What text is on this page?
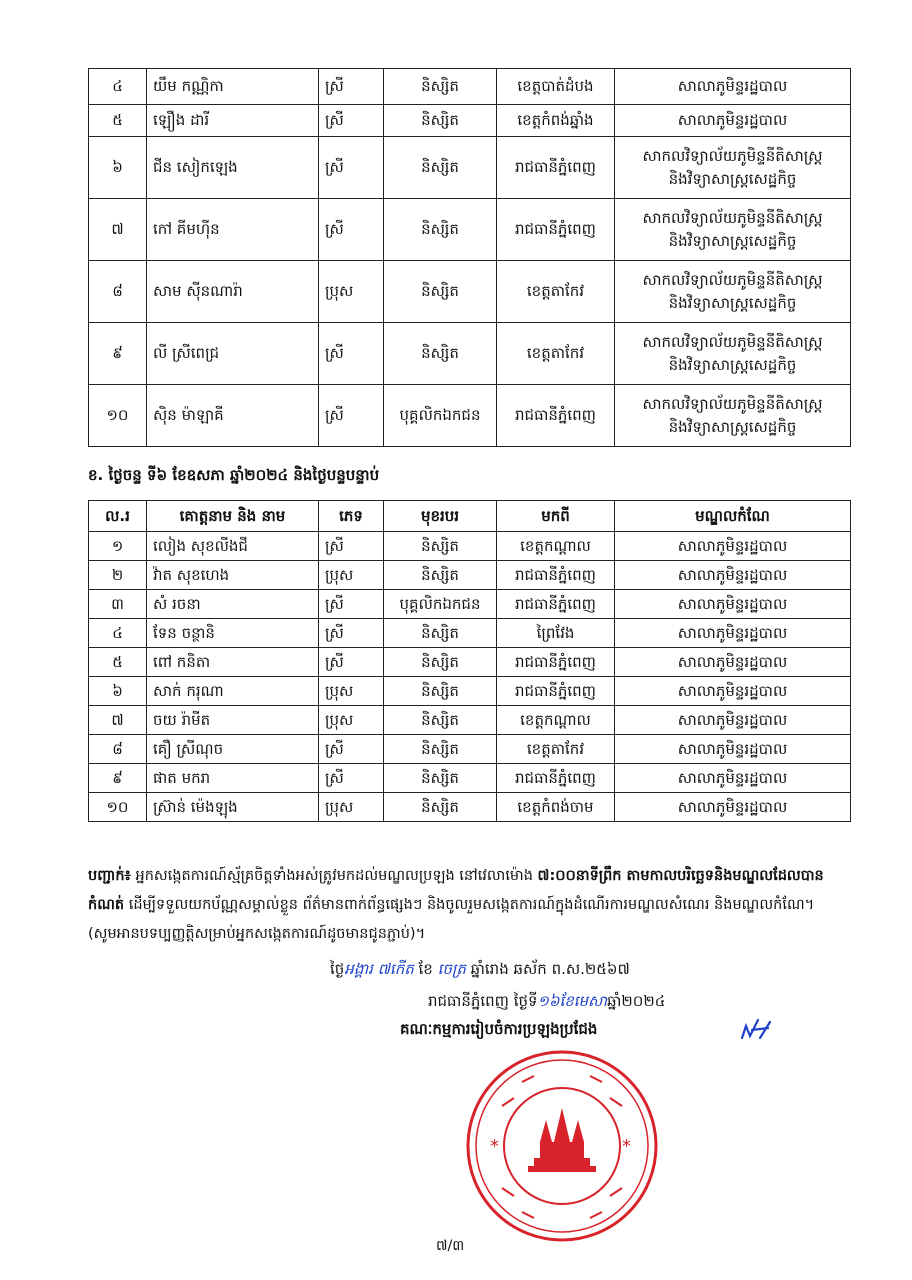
៤	យឹម កណ្ណិកា	ស្រី	និស្សិត	ខេត្តបាត់ដំបង	សាលាភូមិន្ទរដ្ឋបាល

៥	ឡឿង ដារី	ស្រី	និស្សិត	ខេត្តកំពង់ឆ្នាំង	សាលាភូមិន្ទរដ្ឋបាល

៦	ជីន សៀកឡេង	ស្រី	និស្សិត	រាជធានីភ្នំពេញ	សាកលវិទ្យាល័យភូមិន្ទនីតិសាស្ត្រ
និងវិទ្យាសាស្ត្រសេដ្ឋកិច្ច

៧	កៅ គីមហ៊ីន	ស្រី	និស្សិត	រាជធានីភ្នំពេញ	សាកលវិទ្យាល័យភូមិន្ទនីតិសាស្ត្រ
និងវិទ្យាសាស្ត្រសេដ្ឋកិច្ច

៨	សាម ស៊ីនណារ៉ា	ប្រុស	និស្សិត	ខេត្តតាកែវ	សាកលវិទ្យាល័យភូមិន្ទនីតិសាស្ត្រ
និងវិទ្យាសាស្ត្រសេដ្ឋកិច្ច

៩	លី ស្រីពេជ្រ	ស្រី	និស្សិត	ខេត្តតាកែវ	សាកលវិទ្យាល័យភូមិន្ទនីតិសាស្ត្រ
និងវិទ្យាសាស្ត្រសេដ្ឋកិច្ច

១០	ស៊ិន ម៉ាឡាគី	ស្រី	បុគ្គលិកឯកជន	រាជធានីភ្នំពេញ	សាកលវិទ្យាល័យភូមិន្ទនីតិសាស្ត្រ
និងវិទ្យាសាស្ត្រសេដ្ឋកិច្ច
ខ. ថ្ងៃចន្ទ ទី៦ ខែឧសភា ឆ្នាំ២០២៤ និងថ្ងៃបន្ទបន្ទាប់
ល.រ	គោត្តនាម និង នាម	ភេទ	មុខរបរ	មកពី	មណ្ឌលកំណែ
១	លៀង សុខលីងជី	ស្រី	និស្សិត	ខេត្តកណ្ដាល	សាលាភូមិន្ទរដ្ឋបាល
២	វ៉ាត សុខហេង	ប្រុស	និស្សិត	រាជធានីភ្នំពេញ	សាលាភូមិន្ទរដ្ឋបាល
៣	សំ រចនា	ស្រី	បុគ្គលិកឯកជន	រាជធានីភ្នំពេញ	សាលាភូមិន្ទរដ្ឋបាល
៤	ទែន ចន្ថានិ	ស្រី	និស្សិត	ព្រៃវែង	សាលាភូមិន្ទរដ្ឋបាល
៥	ពៅ កនិតា	ស្រី	និស្សិត	រាជធានីភ្នំពេញ	សាលាភូមិន្ទរដ្ឋបាល
៦	សាក់ ករុណា	ប្រុស	និស្សិត	រាជធានីភ្នំពេញ	សាលាភូមិន្ទរដ្ឋបាល
៧	ចយ រ៉ាមីត	ប្រុស	និស្សិត	ខេត្តកណ្ដាល	សាលាភូមិន្ទរដ្ឋបាល
៨	គឿ ស្រីណុច	ស្រី	និស្សិត	ខេត្តតាកែវ	សាលាភូមិន្ទរដ្ឋបាល
៩	ផាត មករា	ស្រី	និស្សិត	រាជធានីភ្នំពេញ	សាលាភូមិន្ទរដ្ឋបាល
១០	ស្រ៊ាន់ ម៉េងឡុង	ប្រុស	និស្សិត	ខេត្តកំពង់ចាម	សាលាភូមិន្ទរដ្ឋបាល
បញ្ជាក់៖ អ្នកសង្កេតការណ៍ស្ម័គ្រចិត្តទាំងអស់ត្រូវមកដល់មណ្ឌលប្រឡង នៅវេលាម៉ោង ៧:០០នាទីព្រឹក តាមកាលបរិច្ឆេទនិងមណ្ឌលដែលបានកំណត់ ដើម្បីទទួលយកប័ណ្ណសម្គាល់ខ្លួន ព័ត៌មានពាក់ព័ន្ធផ្សេងៗ និងចូលរួមសង្កេតការណ៍ក្នុងដំណើរការមណ្ឌលសំណេរ និងមណ្ឌលកំណែ។ (សូមអានបទប្បញ្ញត្តិសម្រាប់អ្នកសង្កេតការណ៍ដូចមានជូនភ្ជាប់)។
ថ្ងៃអង្គារ ៧កើត ខែ ចេត្រ ឆ្នាំរោង ឆស័ក ព.ស.២៥៦៧
រាជធានីភ្នំពេញ ថ្ងៃទី១៦ខែមេសាឆ្នាំ២០២៤
គណៈកម្មការរៀបចំការប្រឡងប្រជែង
*	*
៧/៣
